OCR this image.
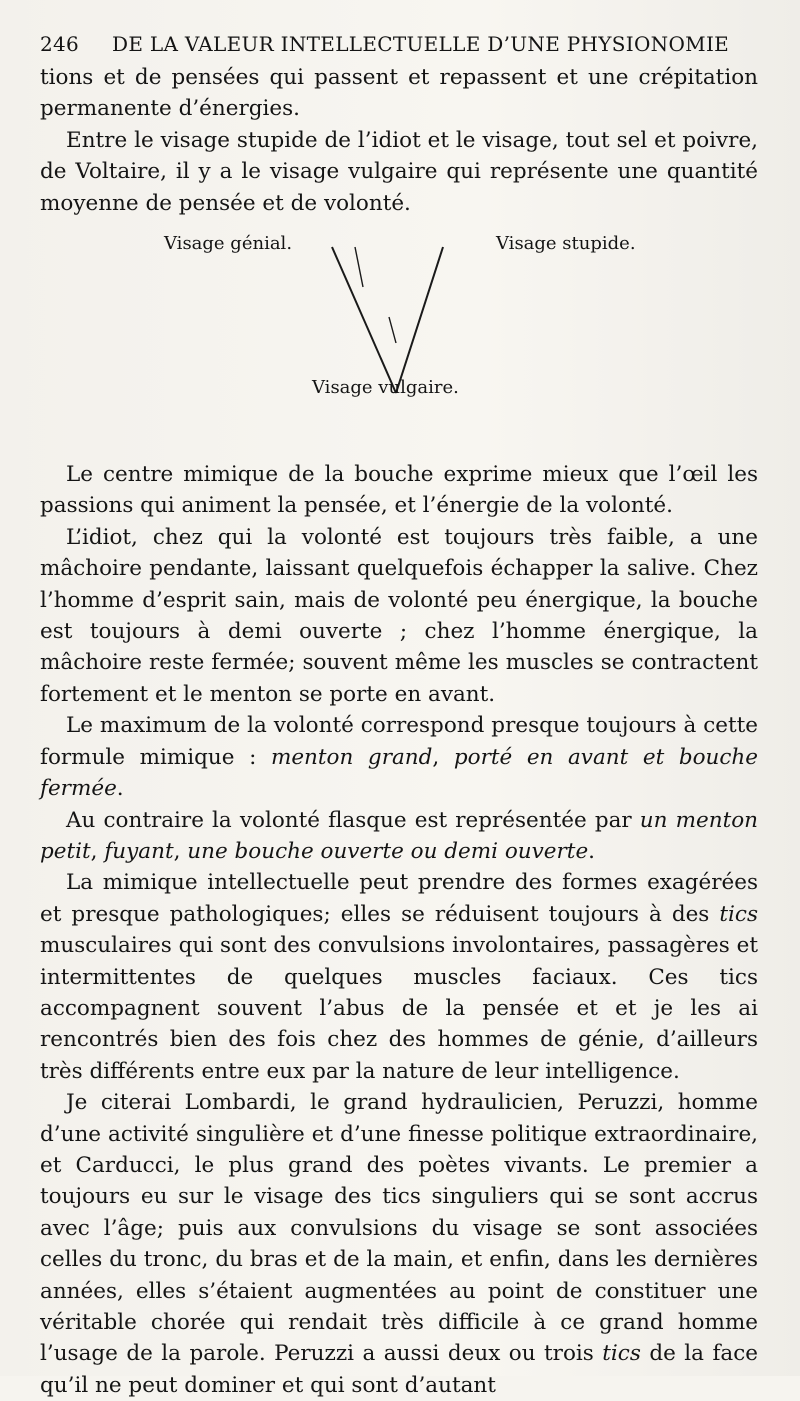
246	DE LA VALEUR INTELLECTUELLE D’UNE PHYSIONOMIE

tions et de pensées qui passent et repassent et une crépitation permanente d’énergies.

Entre le visage stupide de l’idiot et le visage, tout sel et poivre, de Voltaire, il y a le visage vulgaire qui représente une quantité moyenne de pensée et de volonté.

Visage génial.	Visage stupide.
Visage vulgaire.

Le centre mimique de la bouche exprime mieux que l’œil les passions qui animent la pensée, et l’énergie de la volonté.

L’idiot, chez qui la volonté est toujours très faible, a une mâchoire pendante, laissant quelquefois échapper la salive. Chez l’homme d’esprit sain, mais de volonté peu énergique, la bouche est toujours à demi ouverte ; chez l’homme énergique, la mâchoire reste fermée; souvent même les muscles se contractent fortement et le menton se porte en avant.

Le maximum de la volonté correspond presque toujours à cette formule mimique : menton grand, porté en avant et bouche fermée.

Au contraire la volonté flasque est représentée par un menton petit, fuyant, une bouche ouverte ou demi ouverte.

La mimique intellectuelle peut prendre des formes exagérées et presque pathologiques; elles se réduisent toujours à des tics musculaires qui sont des convulsions involontaires, passagères et intermittentes de quelques muscles faciaux. Ces tics accompagnent souvent l’abus de la pensée et et je les ai rencontrés bien des fois chez des hommes de génie, d’ailleurs très différents entre eux par la nature de leur intelligence.

Je citerai Lombardi, le grand hydraulicien, Peruzzi, homme d’une activité singulière et d’une finesse politique extraordinaire, et Carducci, le plus grand des poètes vivants. Le premier a toujours eu sur le visage des tics singuliers qui se sont accrus avec l’âge; puis aux convulsions du visage se sont associées celles du tronc, du bras et de la main, et enfin, dans les dernières années, elles s’étaient augmentées au point de constituer une véritable chorée qui rendait très difficile à ce grand homme l’usage de la parole. Peruzzi a aussi deux ou trois tics de la face qu’il ne peut dominer et qui sont d’autant
